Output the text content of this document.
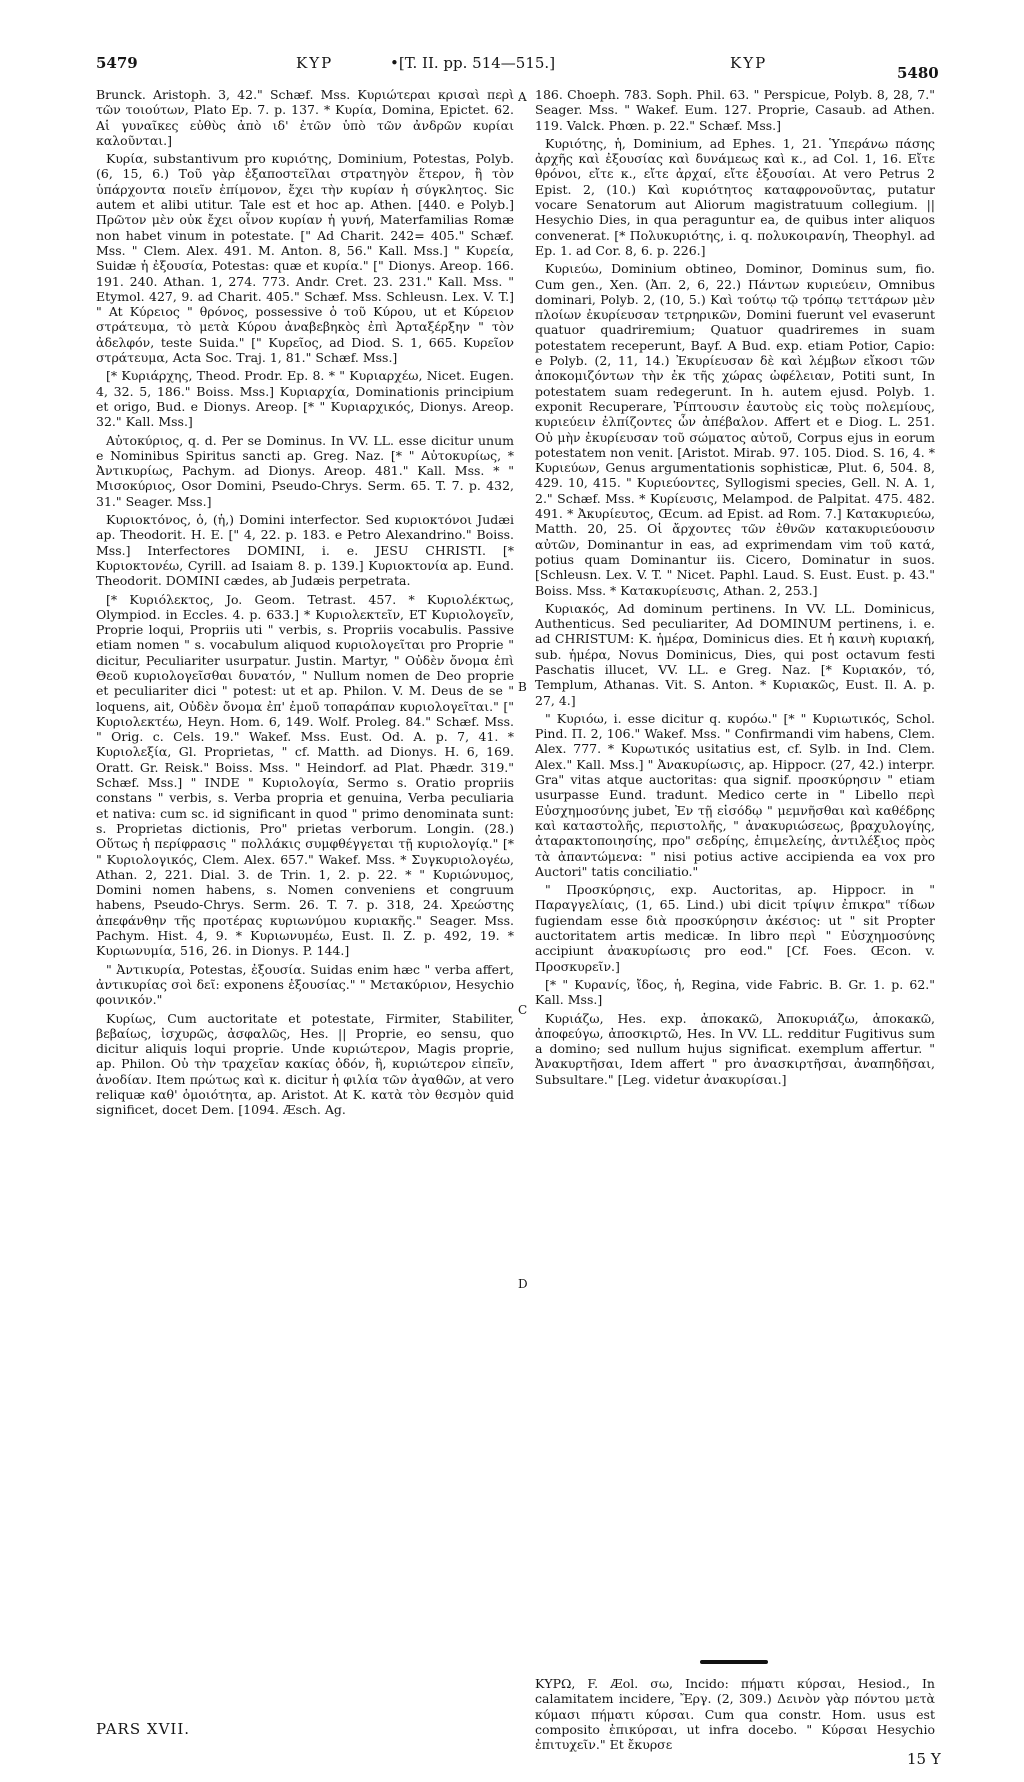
5479	ΚΥΡ	•[T. II. pp. 514—515.]	ΚΥΡ
5480

Brunck. Aristoph. 3, 42." Schæf. Mss. Κυριώτεραι κρισαὶ περὶ τῶν τοιούτων, Plato Ep. 7. p. 137. * Κυρία, Domina, Epictet. 62. Αἱ γυναῖκες εὐθὺς ἀπὸ ιδ' ἐτῶν ὑπὸ τῶν ἀνδρῶν κυρίαι καλοῦνται.]

Κυρία, substantivum pro κυριότης, Dominium, Potestas, Polyb. (6, 15, 6.) Τοῦ γὰρ ἐξαποστεῖλαι στρατηγὸν ἕτερον, ἢ τὸν ὑπάρχοντα ποιεῖν ἐπίμονον, ἔχει τὴν κυρίαν ἡ σύγκλητος. Sic autem et alibi utitur. Tale est et hoc ap. Athen. [440. e Polyb.] Πρῶτον μὲν οὐκ ἔχει οἶνον κυρίαν ἡ γυνή, Materfamilias Romæ non habet vinum in potestate. [" Ad Charit. 242= 405." Schæf. Mss. " Clem. Alex. 491. M. Anton. 8, 56." Kall. Mss.] " Κυρεία, Suidæ ἡ ἐξουσία, Potestas: quæ et κυρία." [" Dionys. Areop. 166. 191. 240. Athan. 1, 274. 773. Andr. Cret. 23. 231." Kall. Mss. " Etymol. 427, 9. ad Charit. 405." Schæf. Mss. Schleusn. Lex. V. T.] " At Κύρειος " θρόνος, possessive ὁ τοῦ Κύρου, ut et Κύρειον στράτευμα, τὸ μετὰ Κύρου ἀναβεβηκὸς ἐπὶ Ἀρταξέρξην " τὸν ἀδελφόν, teste Suida." [" Κυρεῖος, ad Diod. S. 1, 665. Κυρεῖον στράτευμα, Acta Soc. Traj. 1, 81." Schæf. Mss.]

[* Κυριάρχης, Theod. Prodr. Ep. 8. * " Κυριαρχέω, Nicet. Eugen. 4, 32. 5, 186." Boiss. Mss.] Κυριαρχία, Dominationis principium et origo, Bud. e Dionys. Areop. [* " Κυριαρχικός, Dionys. Areop. 32." Kall. Mss.]

Αὐτοκύριος, q. d. Per se Dominus. In VV. LL. esse dicitur unum e Nominibus Spiritus sancti ap. Greg. Naz. [* " Αὐτοκυρίως, * Ἀντικυρίως, Pachym. ad Dionys. Areop. 481." Kall. Mss. * " Μισοκύριος, Osor Domini, Pseudo-Chrys. Serm. 65. T. 7. p. 432, 31." Seager. Mss.]

Κυριοκτόνος, ὁ, (ἡ,) Domini interfector. Sed κυριοκτόνοι Judæi ap. Theodorit. H. E. [" 4, 22. p. 183. e Petro Alexandrino." Boiss. Mss.] Interfectores DOMINI, i. e. JESU CHRISTI. [* Κυριοκτονέω, Cyrill. ad Isaiam 8. p. 139.] Κυριοκτονία ap. Eund. Theodorit. DOMINI cædes, ab Judæis perpetrata.

[* Κυριόλεκτος, Jo. Geom. Tetrast. 457. * Κυριολέκτως, Olympiod. in Eccles. 4. p. 633.] * Κυριολεκτεῖν, ET Κυριολογεῖν, Proprie loqui, Propriis uti " verbis, s. Propriis vocabulis. Passive etiam nomen " s. vocabulum aliquod κυριολογεῖται pro Proprie " dicitur, Peculiariter usurpatur. Justin. Martyr, " Οὐδὲν ὄνομα ἐπὶ Θεοῦ κυριολογεῖσθαι δυνατόν, " Nullum nomen de Deo proprie et peculiariter dici " potest: ut et ap. Philon. V. M. Deus de se " loquens, ait, Οὐδὲν ὄνομα ἐπ' ἐμοῦ τοπαράπαν κυριολογεῖται." [" Κυριολεκτέω, Heyn. Hom. 6, 149. Wolf. Proleg. 84." Schæf. Mss. " Orig. c. Cels. 19." Wakef. Mss. Eust. Od. A. p. 7, 41. * Κυριολεξία, Gl. Proprietas, " cf. Matth. ad Dionys. H. 6, 169. Oratt. Gr. Reisk." Boiss. Mss. " Heindorf. ad Plat. Phædr. 319." Schæf. Mss.] " INDE " Κυριολογία, Sermo s. Oratio propriis constans " verbis, s. Verba propria et genuina, Verba peculiaria et nativa: cum sc. id significant in quod " primo denominata sunt: s. Proprietas dictionis, Pro" prietas verborum. Longin. (28.) Οὕτως ἡ περίφρασις " πολλάκις συμφθέγγεται τῇ κυριολογίᾳ." [* " Κυριολογικός, Clem. Alex. 657." Wakef. Mss. * Συγκυριολογέω, Athan. 2, 221. Dial. 3. de Trin. 1, 2. p. 22. * " Κυριώνυμος, Domini nomen habens, s. Nomen conveniens et congruum habens, Pseudo-Chrys. Serm. 26. T. 7. p. 318, 24. Χρεώστης ἀπεφάνθην τῆς προτέρας κυριωνύμου κυριακῆς." Seager. Mss. Pachym. Hist. 4, 9. * Κυριωνυμέω, Eust. Il. Z. p. 492, 19. * Κυριωνυμία, 516, 26. in Dionys. P. 144.]

" Ἀντικυρία, Potestas, ἐξουσία. Suidas enim hæc " verba affert, ἀντικυρίας σοὶ δεῖ: exponens ἐξουσίας." " Μετακύριον, Hesychio φοινικόν."

Κυρίως, Cum auctoritate et potestate, Firmiter, Stabiliter, βεβαίως, ἰσχυρῶς, ἀσφαλῶς, Hes. || Proprie, eo sensu, quo dicitur aliquis loqui proprie. Unde κυριώτερον, Magis proprie, ap. Philon. Οὐ τὴν τραχεῖαν κακίας ὁδόν, ἢ, κυριώτερον εἰπεῖν, ἀνοδίαν. Item πρώτως καὶ κ. dicitur ἡ φιλία τῶν ἀγαθῶν, at vero reliquæ καθ' ὁμοιότητα, ap. Aristot. At Κ. κατὰ τὸν θεσμὸν quid significet, docet Dem. [1094. Æsch. Ag.

A
B
C
D

186. Choeph. 783. Soph. Phil. 63. " Perspicue, Polyb. 8, 28, 7." Seager. Mss. " Wakef. Eum. 127. Proprie, Casaub. ad Athen. 119. Valck. Phœn. p. 22." Schæf. Mss.]

Κυριότης, ἡ, Dominium, ad Ephes. 1, 21. Ὑπεράνω πάσης ἀρχῆς καὶ ἐξουσίας καὶ δυνάμεως καὶ κ., ad Col. 1, 16. Εἴτε θρόνοι, εἴτε κ., εἴτε ἀρχαί, εἴτε ἐξουσίαι. At vero Petrus 2 Epist. 2, (10.) Καὶ κυριότητος καταφρονοῦντας, putatur vocare Senatorum aut Aliorum magistratuum collegium. || Hesychio Dies, in qua peraguntur ea, de quibus inter aliquos convenerat. [* Πολυκυριότης, i. q. πολυκοιρανίη, Theophyl. ad Ep. 1. ad Cor. 8, 6. p. 226.]

Κυριεύω, Dominium obtineo, Dominor, Dominus sum, fio. Cum gen., Xen. (Ἀπ. 2, 6, 22.) Πάντων κυριεύειν, Omnibus dominari, Polyb. 2, (10, 5.) Καὶ τούτῳ τῷ τρόπῳ τεττάρων μὲν πλοίων ἐκυρίευσαν τετρηρικῶν, Domini fuerunt vel evaserunt quatuor quadriremium; Quatuor quadriremes in suam potestatem receperunt, Bayf. A Bud. exp. etiam Potior, Capio: e Polyb. (2, 11, 14.) Ἐκυρίευσαν δὲ καὶ λέμβων εἴκοσι τῶν ἀποκομιζόντων τὴν ἐκ τῆς χώρας ὠφέλειαν, Potiti sunt, In potestatem suam redegerunt. In h. autem ejusd. Polyb. 1. exponit Recuperare, Ῥίπτουσιν ἑαυτοὺς εἰς τοὺς πολεμίους, κυριεύειν ἐλπίζοντες ὧν ἀπέβαλον. Affert et e Diog. L. 251. Οὐ μὴν ἐκυρίευσαν τοῦ σώματος αὐτοῦ, Corpus ejus in eorum potestatem non venit. [Aristot. Mirab. 97. 105. Diod. S. 16, 4. * Κυριεύων, Genus argumentationis sophisticæ, Plut. 6, 504. 8, 429. 10, 415. " Κυριεύοντες, Syllogismi species, Gell. N. A. 1, 2." Schæf. Mss. * Κυρίευσις, Melampod. de Palpitat. 475. 482. 491. * Ἀκυρίευτος, Œcum. ad Epist. ad Rom. 7.] Κατακυριεύω, Matth. 20, 25. Οἱ ἄρχοντες τῶν ἐθνῶν κατακυριεύουσιν αὐτῶν, Dominantur in eas, ad exprimendam vim τοῦ κατά, potius quam Dominantur iis. Cicero, Dominatur in suos. [Schleusn. Lex. V. T. " Nicet. Paphl. Laud. S. Eust. Eust. p. 43." Boiss. Mss. * Κατακυρίευσις, Athan. 2, 253.]

Κυριακός, Ad dominum pertinens. In VV. LL. Dominicus, Authenticus. Sed peculiariter, Ad DOMINUM pertinens, i. e. ad CHRISTUM: K. ἡμέρα, Dominicus dies. Et ἡ καινὴ κυριακή, sub. ἡμέρα, Novus Dominicus, Dies, qui post octavum festi Paschatis illucet, VV. LL. e Greg. Naz. [* Κυριακόν, τό, Templum, Athanas. Vit. S. Anton. * Κυριακῶς, Eust. Il. A. p. 27, 4.]

" Κυριόω, i. esse dicitur q. κυρόω." [* " Κυριωτικός, Schol. Pind. Π. 2, 106." Wakef. Mss. " Confirmandi vim habens, Clem. Alex. 777. * Κυρωτικός usitatius est, cf. Sylb. in Ind. Clem. Alex." Kall. Mss.] " Ἀνακυρίωσις, ap. Hippocr. (27, 42.) interpr. Gra" vitas atque auctoritas: qua signif. προσκύρησιν " etiam usurpasse Eund. tradunt. Medico certe in " Libello περὶ Εὐσχημοσύνης jubet, Ἐν τῇ εἰσόδῳ " μεμνῆσθαι καὶ καθέδρης καὶ καταστολῆς, περιστολῆς, " ἀνακυριώσεως, βραχυλογίης, ἀταρακτοποιησίης, προ" σεδρίης, ἐπιμελείης, ἀντιλέξιος πρὸς τὰ ἀπαντώμενα: " nisi potius active accipienda ea vox pro Auctori" tatis conciliatio."

" Προσκύρησις, exp. Auctoritas, ap. Hippocr. in " Παραγγελίαις, (1, 65. Lind.) ubi dicit τρίψιν ἐπικρα" τίδων fugiendam esse διὰ προσκύρησιν ἀκέσιος: ut " sit Propter auctoritatem artis medicæ. In libro περὶ " Εὐσχημοσύνης accipiunt ἀνακυρίωσις pro eod." [Cf. Foes. Œcon. v. Προσκυρεῖν.]

[* " Κυρανίς, ἴδος, ἡ, Regina, vide Fabric. B. Gr. 1. p. 62." Kall. Mss.]

Κυριάζω, Hes. exp. ἀποκακῶ, Ἀποκυριάζω, ἀποκακῶ, ἀποφεύγω, ἀποσκιρτῶ, Hes. In VV. LL. redditur Fugitivus sum a domino; sed nullum hujus significat. exemplum affertur. " Ἀνακυρτῆσαι, Idem affert " pro ἀνασκιρτῆσαι, ἀναπηδῆσαι, Subsultare." [Leg. videtur ἀνακυρίσαι.]

ΚΥΡΩ, F. Æol. σω, Incido: πήματι κύρσαι, Hesiod., In calamitatem incidere, Ἔργ. (2, 309.) Δεινὸν γὰρ πόντου μετὰ κύμασι πήματι κύρσαι. Cum qua constr. Hom. usus est composito ἐπικύρσαι, ut infra docebo. " Κύρσαι Hesychio ἐπιτυχεῖν." Et ἔκυρσε
PARS XVII.
15 Y
